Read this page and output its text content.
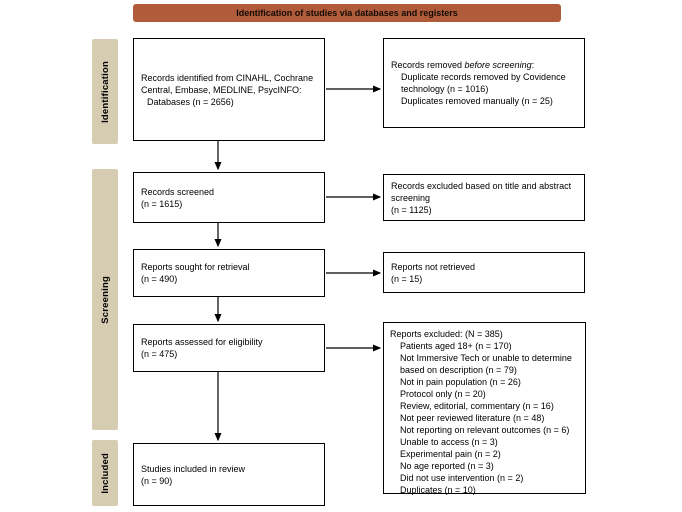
Identification of studies via databases and registers
Identification
Screening
Included
Records identified from CINAHL, Cochrane Central, Embase, MEDLINE, PsycINFO:
Databases (n = 2656)
Records screened
(n = 1615)
Reports sought for retrieval
(n = 490)
Reports assessed for eligibility
(n = 475)
Studies included in review
(n = 90)
Records removed before screening:
Duplicate records removed by Covidence technology (n = 1016)
Duplicates removed manually (n = 25)
Records excluded based on title and abstract screening
(n = 1125)
Reports not retrieved
(n = 15)
Reports excluded: (N = 385)
Patients aged 18+ (n = 170)
Not Immersive Tech or unable to determine based on description (n = 79)
Not in pain population (n = 26)
Protocol only (n = 20)
Review, editorial, commentary (n = 16)
Not peer reviewed literature (n = 48)
Not reporting on relevant outcomes (n = 6)
Unable to access (n = 3)
Experimental pain (n = 2)
No age reported (n = 3)
Did not use intervention (n = 2)
Duplicates (n = 10)
